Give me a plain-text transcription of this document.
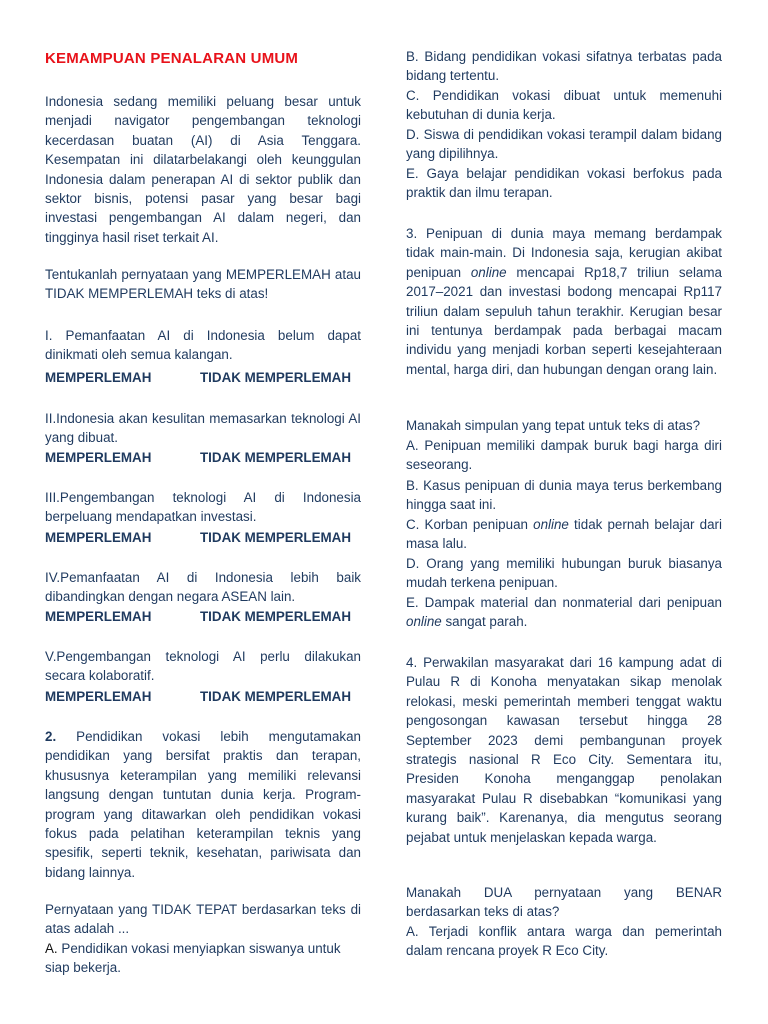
KEMAMPUAN PENALARAN UMUM

Indonesia sedang memiliki peluang besar untuk menjadi navigator pengembangan teknologi kecerdasan buatan (AI) di Asia Tenggara. Kesempatan ini dilatarbelakangi oleh keunggulan Indonesia dalam penerapan AI di sektor publik dan sektor bisnis, potensi pasar yang besar bagi investasi pengembangan AI dalam negeri, dan tingginya hasil riset terkait AI.

Tentukanlah pernyataan yang MEMPERLEMAH atau TIDAK MEMPERLEMAH teks di atas!

I. Pemanfaatan AI di Indonesia belum dapat dinikmati oleh semua kalangan.

MEMPERLEMAH	TIDAK MEMPERLEMAH

II.Indonesia akan kesulitan memasarkan teknologi AI yang dibuat.

MEMPERLEMAH	TIDAK MEMPERLEMAH

III.Pengembangan teknologi AI di Indonesia berpeluang mendapatkan investasi.

MEMPERLEMAH	TIDAK MEMPERLEMAH

IV.Pemanfaatan AI di Indonesia lebih baik dibandingkan dengan negara ASEAN lain.

MEMPERLEMAH	TIDAK MEMPERLEMAH

V.Pengembangan teknologi AI perlu dilakukan secara kolaboratif.

MEMPERLEMAH	TIDAK MEMPERLEMAH

2. Pendidikan vokasi lebih mengutamakan pendidikan yang bersifat praktis dan terapan, khususnya keterampilan yang memiliki relevansi langsung dengan tuntutan dunia kerja. Program-program yang ditawarkan oleh pendidikan vokasi fokus pada pelatihan keterampilan teknis yang spesifik, seperti teknik, kesehatan, pariwisata dan bidang lainnya.

Pernyataan yang TIDAK TEPAT berdasarkan teks di atas adalah ...

A. Pendidikan vokasi menyiapkan siswanya untuk siap bekerja.

B. Bidang pendidikan vokasi sifatnya terbatas pada bidang tertentu.

C. Pendidikan vokasi dibuat untuk memenuhi kebutuhan di dunia kerja.

D. Siswa di pendidikan vokasi terampil dalam bidang yang dipilihnya.

E. Gaya belajar pendidikan vokasi berfokus pada praktik dan ilmu terapan.

3. Penipuan di dunia maya memang berdampak tidak main-main. Di Indonesia saja, kerugian akibat penipuan online mencapai Rp18,7 triliun selama 2017–2021 dan investasi bodong mencapai Rp117 triliun dalam sepuluh tahun terakhir. Kerugian besar ini tentunya berdampak pada berbagai macam individu yang menjadi korban seperti kesejahteraan mental, harga diri, dan hubungan dengan orang lain.

Manakah simpulan yang tepat untuk teks di atas?

A. Penipuan memiliki dampak buruk bagi harga diri seseorang.

B. Kasus penipuan di dunia maya terus berkembang hingga saat ini.

C. Korban penipuan online tidak pernah belajar dari masa lalu.

D. Orang yang memiliki hubungan buruk biasanya mudah terkena penipuan.

E. Dampak material dan nonmaterial dari penipuan online sangat parah.

4. Perwakilan masyarakat dari 16 kampung adat di Pulau R di Konoha menyatakan sikap menolak relokasi, meski pemerintah memberi tenggat waktu pengosongan kawasan tersebut hingga 28 September 2023 demi pembangunan proyek strategis nasional R Eco City. Sementara itu, Presiden Konoha menganggap penolakan masyarakat Pulau R disebabkan “komunikasi yang kurang baik”. Karenanya, dia mengutus seorang pejabat untuk menjelaskan kepada warga.

Manakah DUA pernyataan yang BENAR berdasarkan teks di atas?

A. Terjadi konflik antara warga dan pemerintah dalam rencana proyek R Eco City.
